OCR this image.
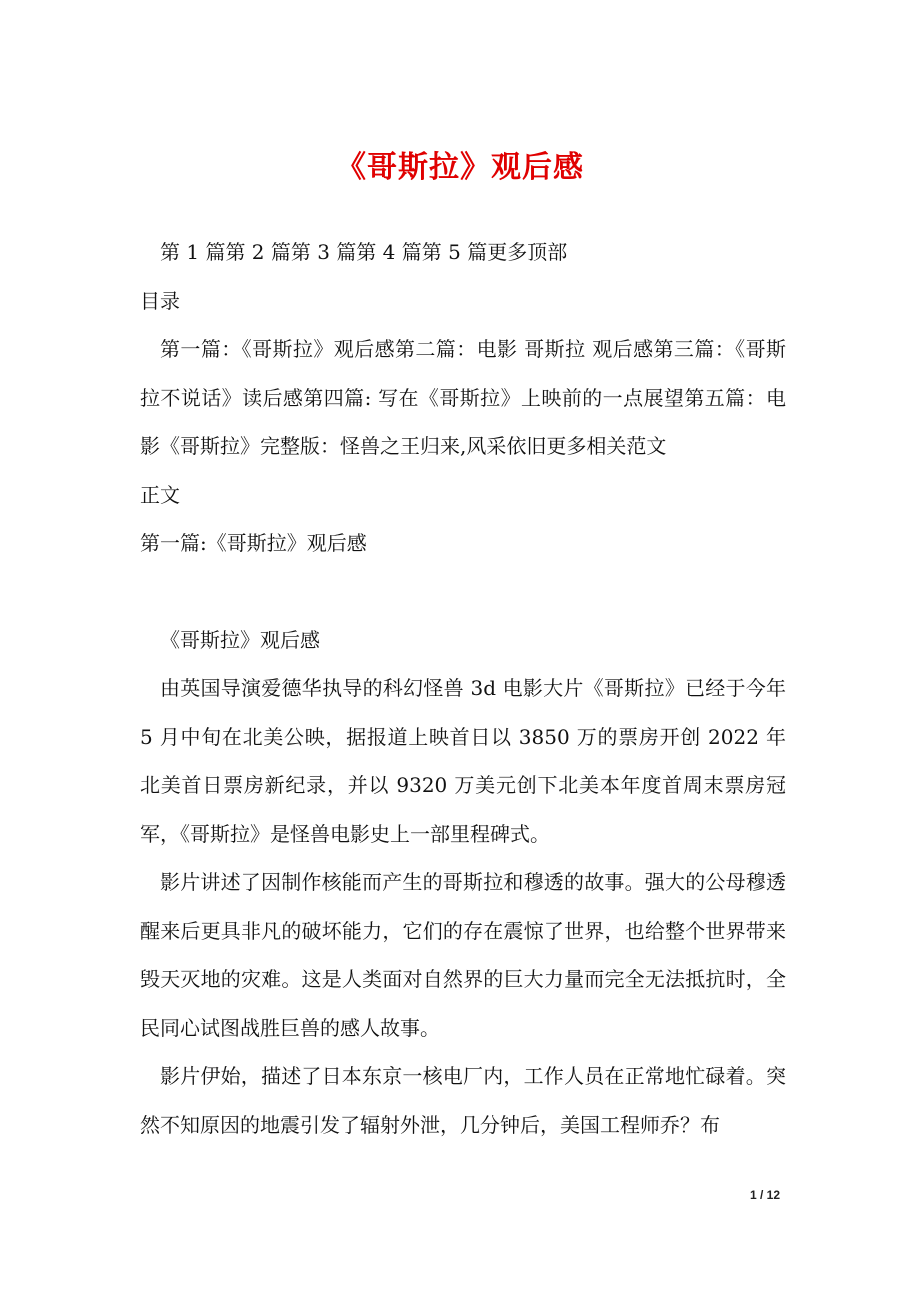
《哥斯拉》观后感

第 1 篇第 2 篇第 3 篇第 4 篇第 5 篇更多顶部

目录

第一篇：《哥斯拉》观后感第二篇：电影 哥斯拉 观后感第三篇：《哥斯拉不说话》读后感第四篇: 写在《哥斯拉》上映前的一点展望第五篇：电影《哥斯拉》完整版：怪兽之王归来,风采依旧更多相关范文

正文

第一篇:《哥斯拉》观后感

《哥斯拉》观后感

由英国导演爱德华执导的科幻怪兽 3d 电影大片《哥斯拉》已经于今年 5 月中旬在北美公映，据报道上映首日以 3850 万的票房开创 2022 年北美首日票房新纪录，并以 9320 万美元创下北美本年度首周末票房冠军，《哥斯拉》是怪兽电影史上一部里程碑式。

影片讲述了因制作核能而产生的哥斯拉和穆透的故事。强大的公母穆透醒来后更具非凡的破坏能力，它们的存在震惊了世界，也给整个世界带来毁天灭地的灾难。这是人类面对自然界的巨大力量而完全无法抵抗时，全民同心试图战胜巨兽的感人故事。

影片伊始，描述了日本东京一核电厂内，工作人员在正常地忙碌着。突然不知原因的地震引发了辐射外泄，几分钟后，美国工程师乔？布

1 / 12
